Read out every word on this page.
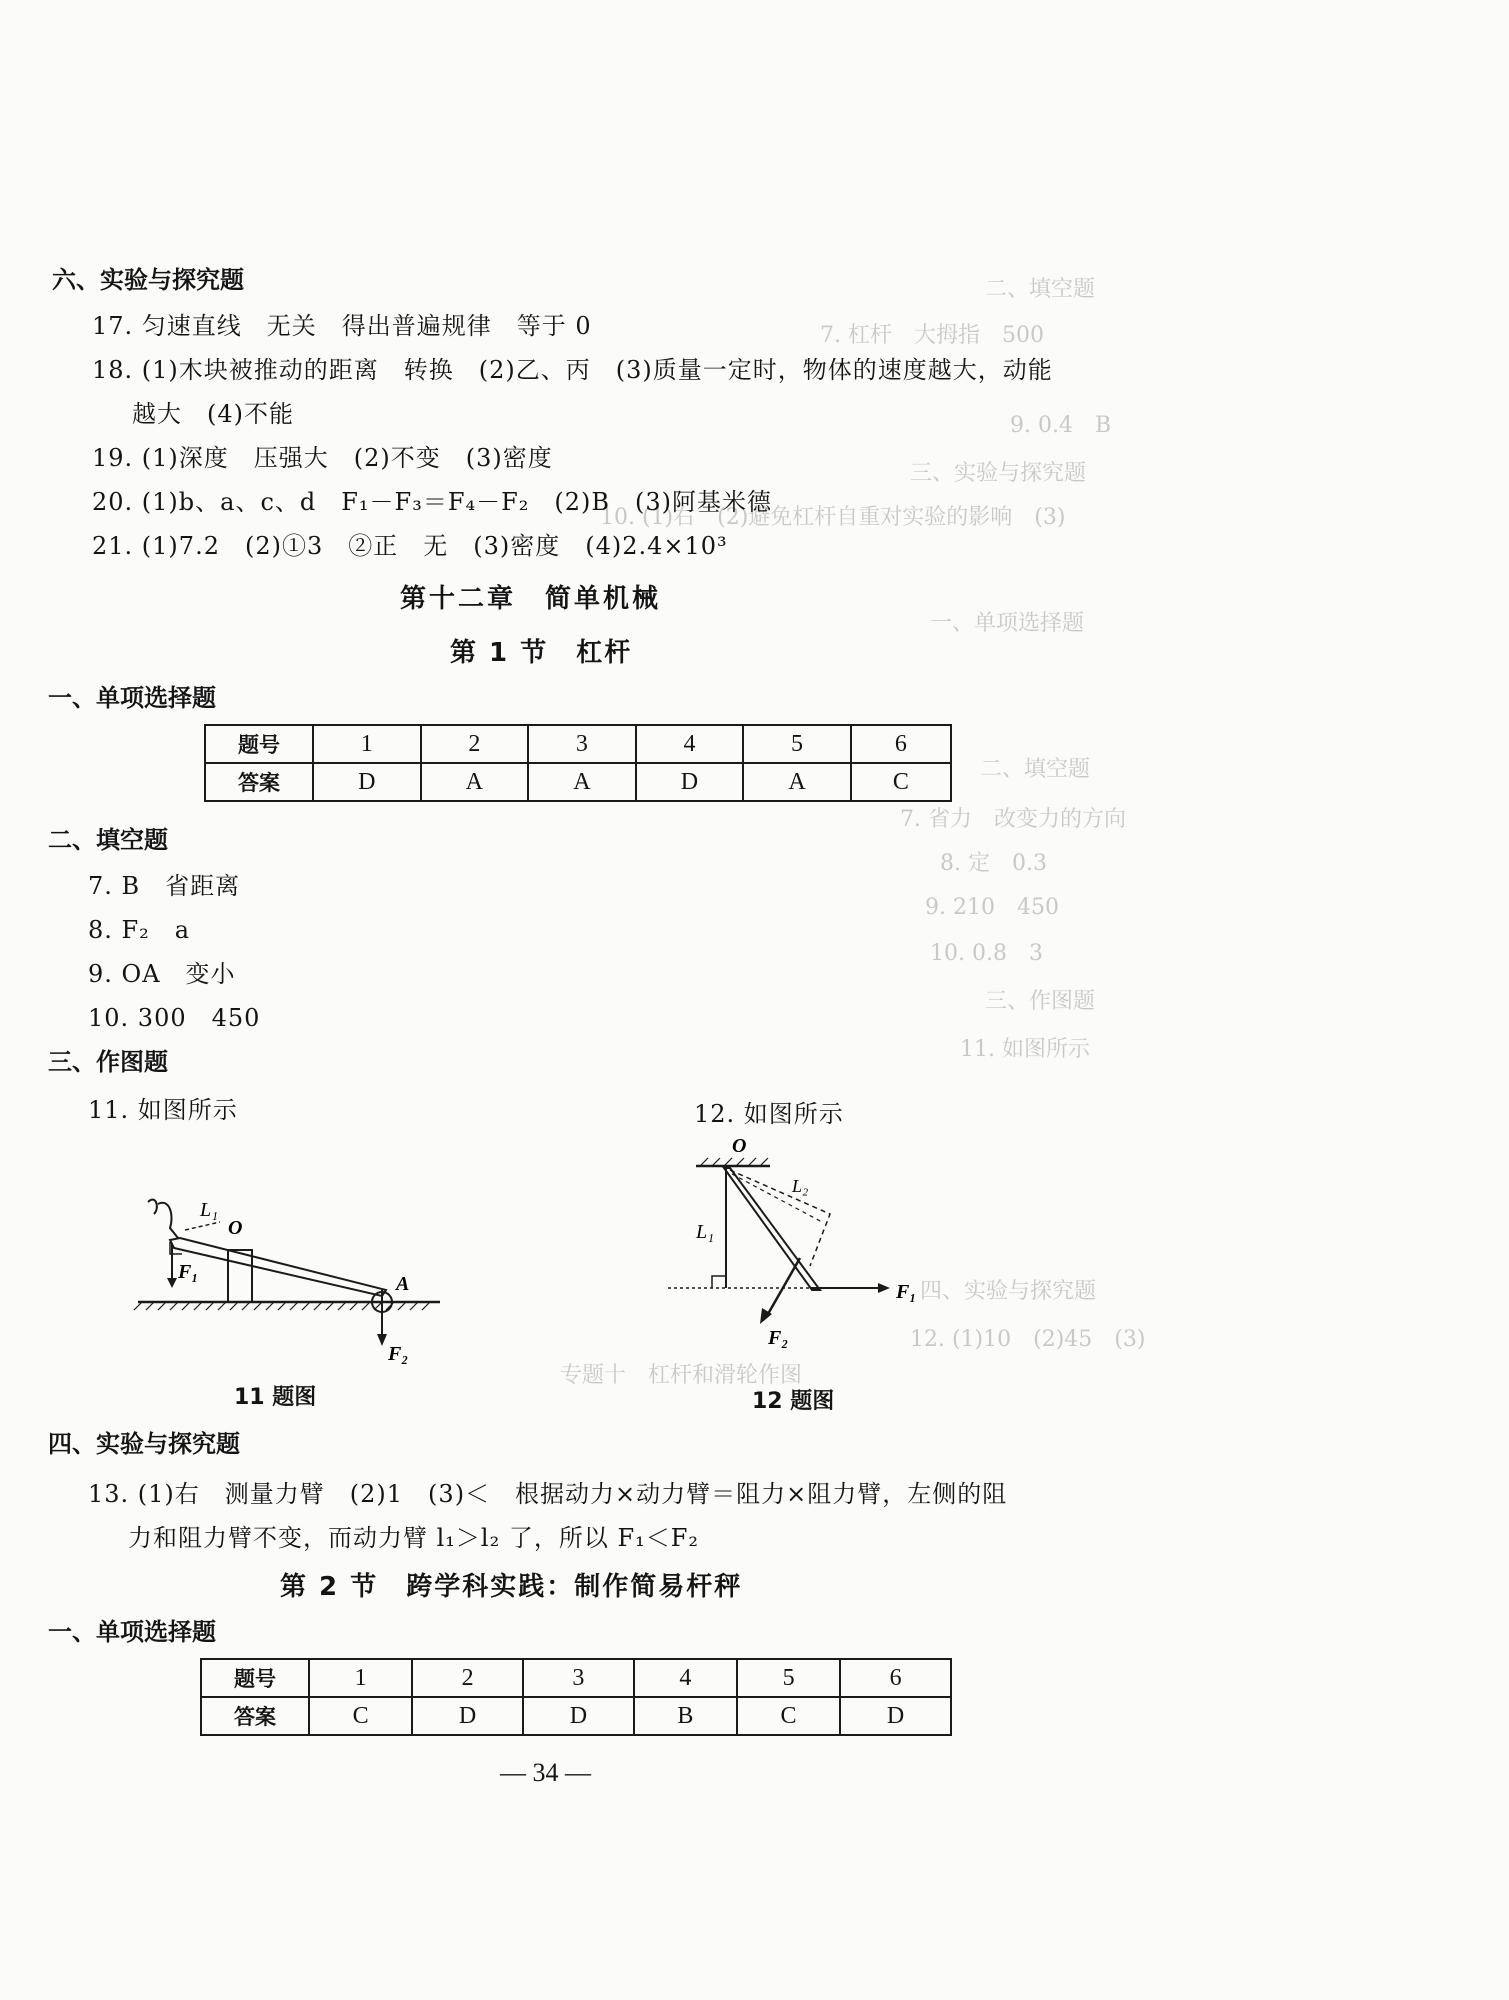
二、填空题
7. 杠杆　大拇指　500
9. 0.4　B
三、实验与探究题
10. (1)右　(2)避免杠杆自重对实验的影响　(3)
一、单项选择题
二、填空题
7. 省力　改变力的方向
8. 定　0.3
9. 210　450
10. 0.8　3
三、作图题
11. 如图所示
四、实验与探究题
12. (1)10　(2)45　(3)
专题十　杠杆和滑轮作图
六、实验与探究题
17. 匀速直线　无关　得出普遍规律　等于 0
18. (1)木块被推动的距离　转换　(2)乙、丙　(3)质量一定时，物体的速度越大，动能
越大　(4)不能
19. (1)深度　压强大　(2)不变　(3)密度
20. (1)b、a、c、d　F₁－F₃＝F₄－F₂　(2)B　(3)阿基米德
21. (1)7.2　(2)①3　②正　无　(3)密度　(4)2.4×10³
第十二章　简单机械
第 1 节　杠杆
一、单项选择题
题号	1	2	3	4	5	6
答案	D	A	A	D	A	C
二、填空题
7. B　省距离
8. F₂　a
9. OA　变小
10. 300　450
三、作图题
11. 如图所示	12. 如图所示
L₁
O
F₁
A
F₂
11 题图
O
L₂
L₁
F₁
F₂
12 题图
四、实验与探究题
13. (1)右　测量力臂　(2)1　(3)＜　根据动力×动力臂＝阻力×阻力臂，左侧的阻
力和阻力臂不变，而动力臂 l₁＞l₂ 了，所以 F₁＜F₂
第 2 节　跨学科实践：制作简易杆秤
一、单项选择题
题号	1	2	3	4	5	6
答案	C	D	D	B	C	D
— 34 —
